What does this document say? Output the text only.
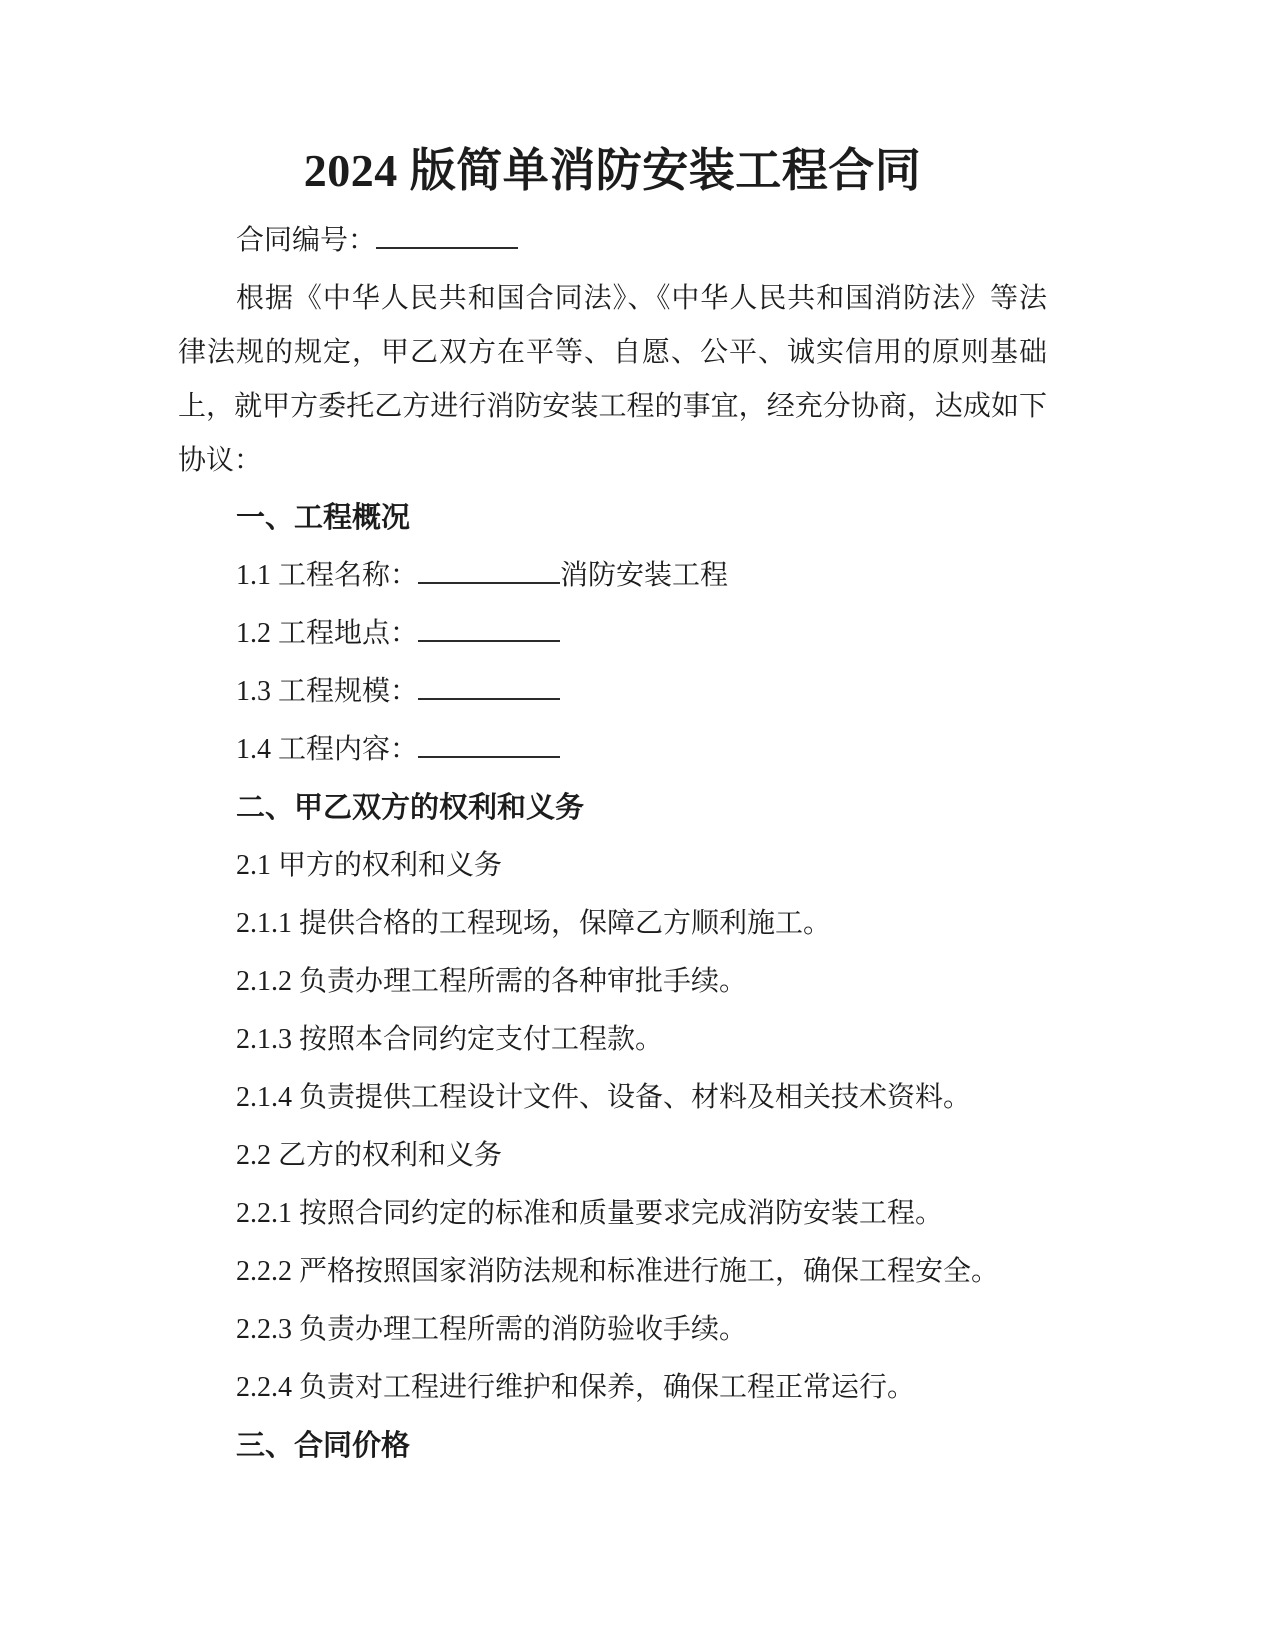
2024 版简单消防安装工程合同

合同编号：

根据《中华人民共和国合同法》、《中华人民共和国消防法》等法律法规的规定，甲乙双方在平等、自愿、公平、诚实信用的原则基础上，就甲方委托乙方进行消防安装工程的事宜，经充分协商，达成如下协议：

一、工程概况

1.1 工程名称：	消防安装工程

1.2 工程地点：

1.3 工程规模：

1.4 工程内容：

二、甲乙双方的权利和义务

2.1 甲方的权利和义务

2.1.1 提供合格的工程现场，保障乙方顺利施工。

2.1.2 负责办理工程所需的各种审批手续。

2.1.3 按照本合同约定支付工程款。

2.1.4 负责提供工程设计文件、设备、材料及相关技术资料。

2.2 乙方的权利和义务

2.2.1 按照合同约定的标准和质量要求完成消防安装工程。

2.2.2 严格按照国家消防法规和标准进行施工，确保工程安全。

2.2.3 负责办理工程所需的消防验收手续。

2.2.4 负责对工程进行维护和保养，确保工程正常运行。

三、合同价格
